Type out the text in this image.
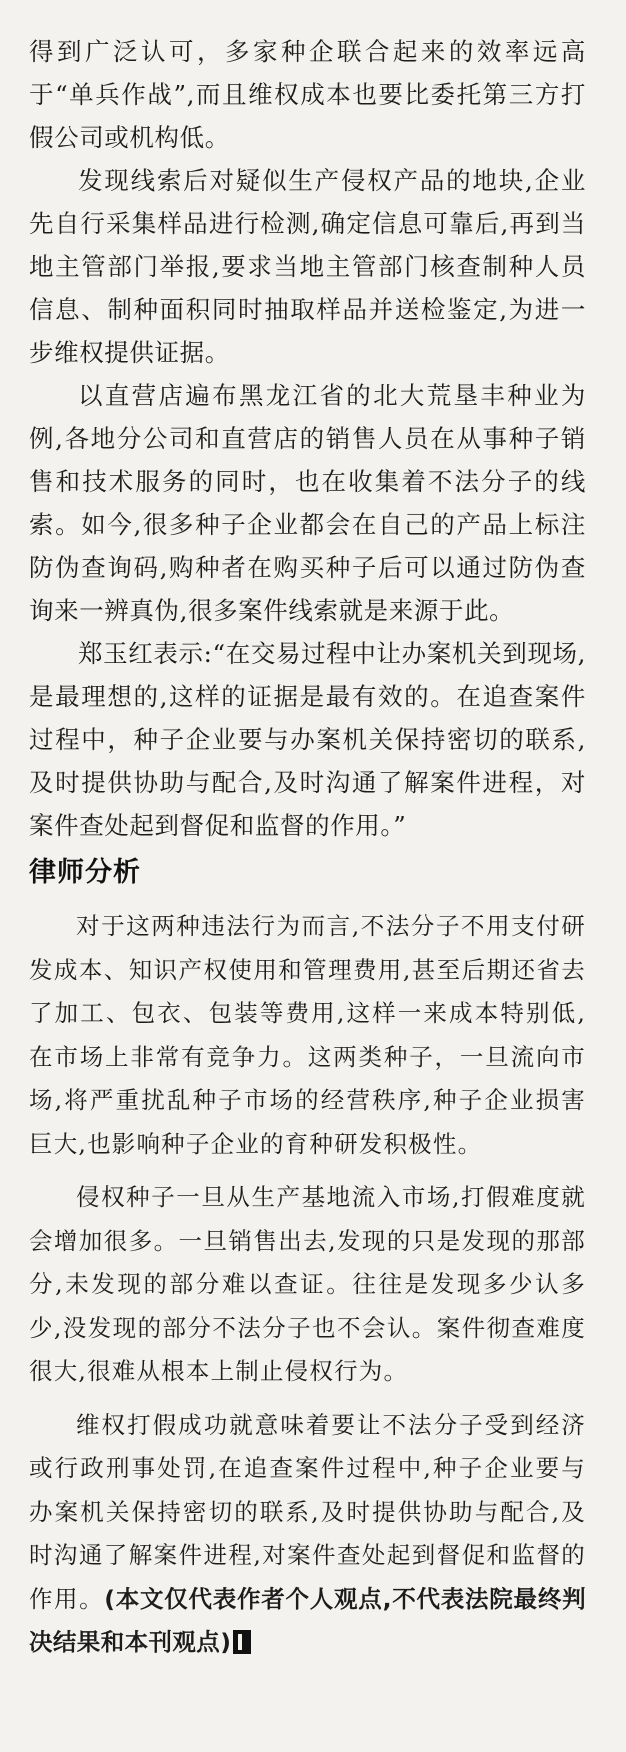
得到广泛认可，多家种企联合起来的效率远高于“单兵作战”,而且维权成本也要比委托第三方打假公司或机构低。

发现线索后对疑似生产侵权产品的地块,企业先自行采集样品进行检测,确定信息可靠后,再到当地主管部门举报,要求当地主管部门核查制种人员信息、制种面积同时抽取样品并送检鉴定,为进一步维权提供证据。

以直营店遍布黑龙江省的北大荒垦丰种业为例,各地分公司和直营店的销售人员在从事种子销售和技术服务的同时，也在收集着不法分子的线索。如今,很多种子企业都会在自己的产品上标注防伪查询码,购种者在购买种子后可以通过防伪查询来一辨真伪,很多案件线索就是来源于此。

郑玉红表示:“在交易过程中让办案机关到现场,是最理想的,这样的证据是最有效的。在追查案件过程中，种子企业要与办案机关保持密切的联系,及时提供协助与配合,及时沟通了解案件进程，对案件查处起到督促和监督的作用。”

律师分析

对于这两种违法行为而言,不法分子不用支付研发成本、知识产权使用和管理费用,甚至后期还省去了加工、包衣、包装等费用,这样一来成本特别低,在市场上非常有竞争力。这两类种子，一旦流向市场,将严重扰乱种子市场的经营秩序,种子企业损害巨大,也影响种子企业的育种研发积极性。

侵权种子一旦从生产基地流入市场,打假难度就会增加很多。一旦销售出去,发现的只是发现的那部分,未发现的部分难以查证。往往是发现多少认多少,没发现的部分不法分子也不会认。案件彻查难度很大,很难从根本上制止侵权行为。

维权打假成功就意味着要让不法分子受到经济或行政刑事处罚,在追查案件过程中,种子企业要与办案机关保持密切的联系,及时提供协助与配合,及时沟通了解案件进程,对案件查处起到督促和监督的作用。(本文仅代表作者个人观点,不代表法院最终判决结果和本刊观点)
